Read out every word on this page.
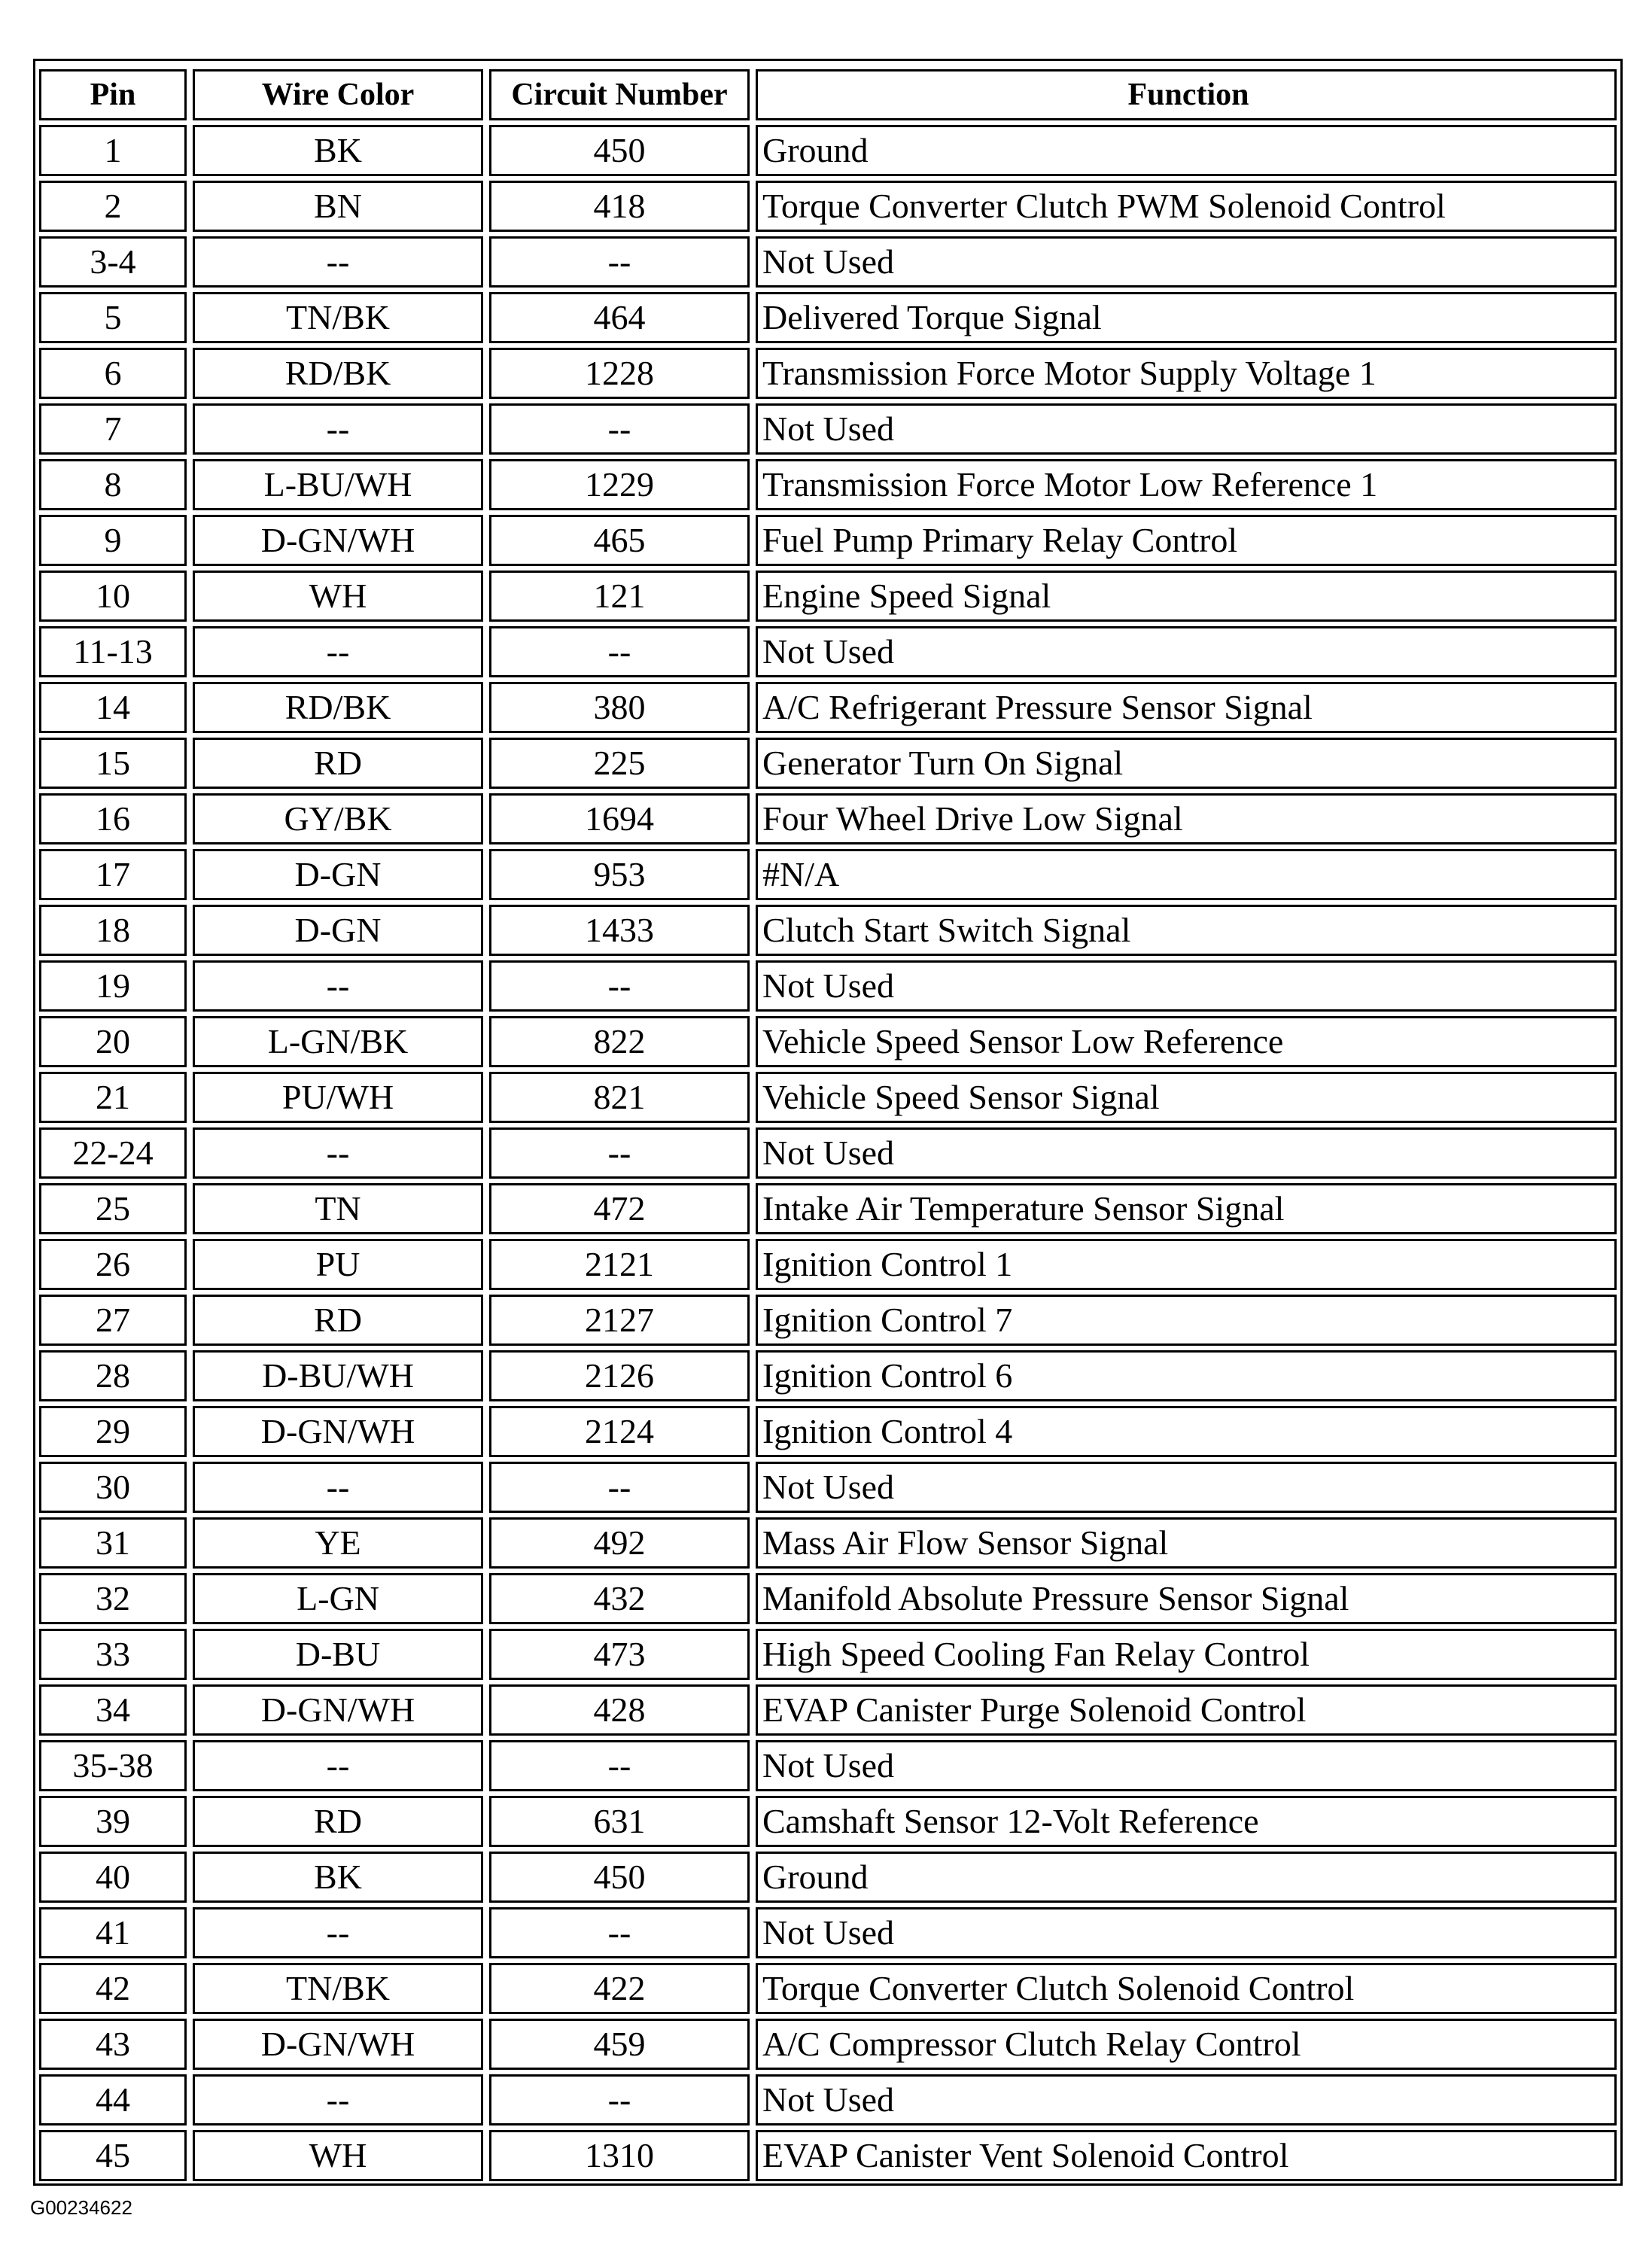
Pin		Wire Color		Circuit Number		Function
1		BK		450		Ground
2		BN		418		Torque Converter Clutch PWM Solenoid Control
3-4		--		--		Not Used
5		TN/BK		464		Delivered Torque Signal
6		RD/BK		1228		Transmission Force Motor Supply Voltage 1
7		--		--		Not Used
8		L-BU/WH		1229		Transmission Force Motor Low Reference 1
9		D-GN/WH		465		Fuel Pump Primary Relay Control
10		WH		121		Engine Speed Signal
11-13		--		--		Not Used
14		RD/BK		380		A/C Refrigerant Pressure Sensor Signal
15		RD		225		Generator Turn On Signal
16		GY/BK		1694		Four Wheel Drive Low Signal
17		D-GN		953		#N/A
18		D-GN		1433		Clutch Start Switch Signal
19		--		--		Not Used
20		L-GN/BK		822		Vehicle Speed Sensor Low Reference
21		PU/WH		821		Vehicle Speed Sensor Signal
22-24		--		--		Not Used
25		TN		472		Intake Air Temperature Sensor Signal
26		PU		2121		Ignition Control 1
27		RD		2127		Ignition Control 7
28		D-BU/WH		2126		Ignition Control 6
29		D-GN/WH		2124		Ignition Control 4
30		--		--		Not Used
31		YE		492		Mass Air Flow Sensor Signal
32		L-GN		432		Manifold Absolute Pressure Sensor Signal
33		D-BU		473		High Speed Cooling Fan Relay Control
34		D-GN/WH		428		EVAP Canister Purge Solenoid Control
35-38		--		--		Not Used
39		RD		631		Camshaft Sensor 12-Volt Reference
40		BK		450		Ground
41		--		--		Not Used
42		TN/BK		422		Torque Converter Clutch Solenoid Control
43		D-GN/WH		459		A/C Compressor Clutch Relay Control
44		--		--		Not Used
45		WH		1310		EVAP Canister Vent Solenoid Control
G00234622
